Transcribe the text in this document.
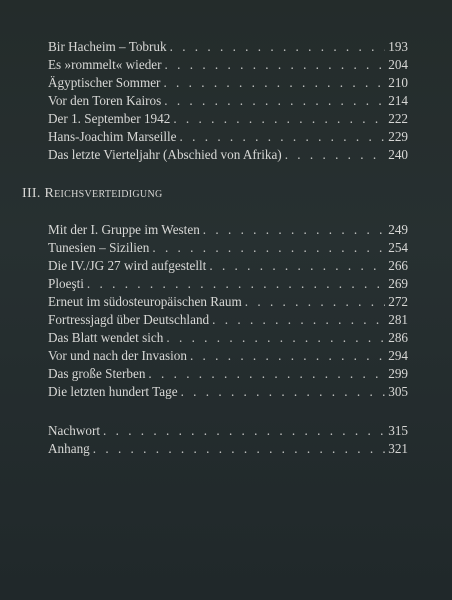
Bir Hacheim – Tobruk . . .	193
Es »rommelt« wieder . . .	204
Ägyptischer Sommer . . .	210
Vor den Toren Kairos . . .	214
Der 1. September 1942 . . .	222
Hans-Joachim Marseille . . .	229
Das letzte Vierteljahr (Abschied von Afrika) . . .	240
III. Reichsverteidigung
Mit der I. Gruppe im Westen . . .	249
Tunesien – Sizilien . . .	254
Die IV./JG 27 wird aufgestellt . . .	266
Ploeşti . . .	269
Erneut im südosteuropäischen Raum . . .	272
Fortressjagd über Deutschland . . .	281
Das Blatt wendet sich . . .	286
Vor und nach der Invasion . . .	294
Das große Sterben . . .	299
Die letzten hundert Tage . . .	305
Nachwort . . .	315
Anhang . . .	321
